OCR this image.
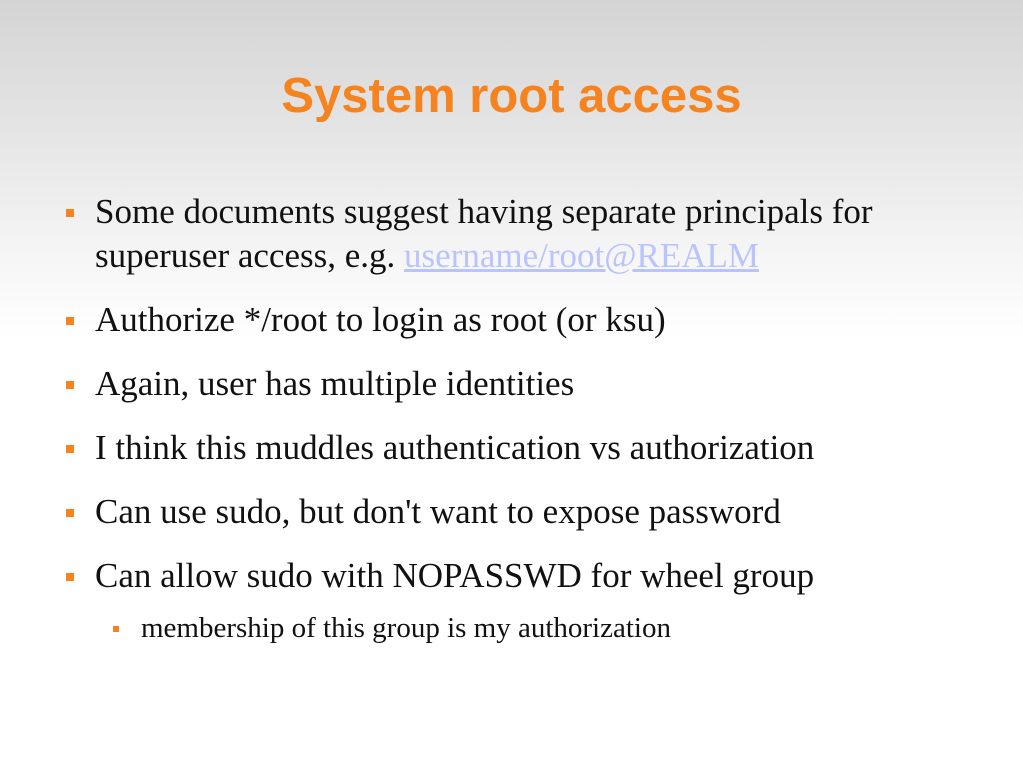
System root access
Some documents suggest having separate principals for superuser access, e.g. username/root@REALM
Authorize */root to login as root (or ksu)
Again, user has multiple identities
I think this muddles authentication vs authorization
Can use sudo, but don't want to expose password
Can allow sudo with NOPASSWD for wheel group
membership of this group is my authorization
